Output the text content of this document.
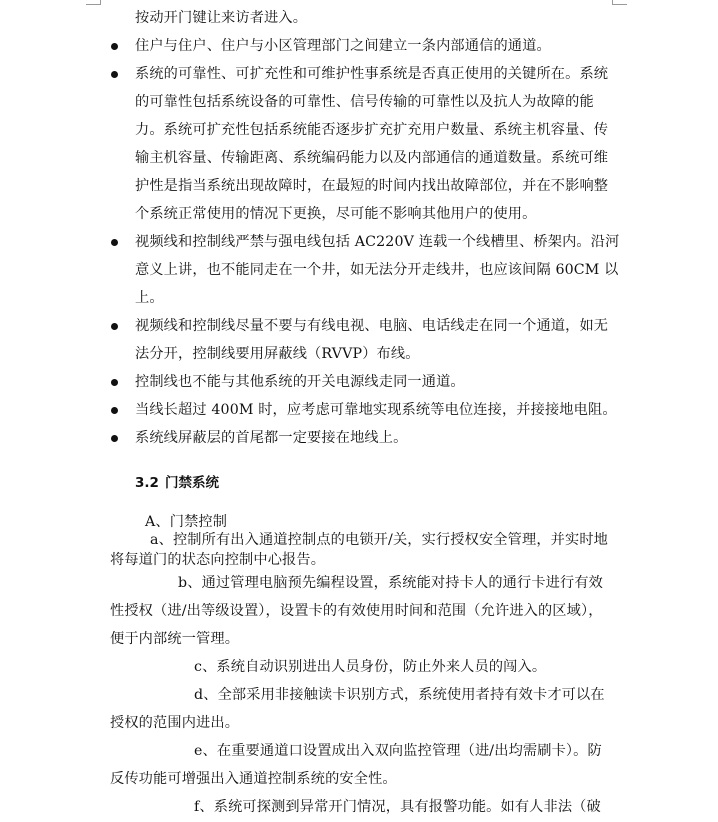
按动开门键让来访者进入。
住户与住户、住户与小区管理部门之间建立一条内部通信的通道。
系统的可靠性、可扩充性和可维护性事系统是否真正使用的关键所在。系统
的可靠性包括系统设备的可靠性、信号传输的可靠性以及抗人为故障的能
力。系统可扩充性包括系统能否逐步扩充扩充用户数量、系统主机容量、传
输主机容量、传输距离、系统编码能力以及内部通信的通道数量。系统可维
护性是指当系统出现故障时，在最短的时间内找出故障部位，并在不影响整
个系统正常使用的情况下更换，尽可能不影响其他用户的使用。
视频线和控制线严禁与强电线包括 AC220V 连载一个线槽里、桥架内。沿河
意义上讲，也不能同走在一个井，如无法分开走线井，也应该间隔 60CM 以
上。
视频线和控制线尽量不要与有线电视、电脑、电话线走在同一个通道，如无
法分开，控制线要用屏蔽线（RVVP）布线。
控制线也不能与其他系统的开关电源线走同一通道。
当线长超过 400M 时，应考虑可靠地实现系统等电位连接，并接接地电阻。
系统线屏蔽层的首尾都一定要接在地线上。
3.2 门禁系统
A、门禁控制
a、控制所有出入通道控制点的电锁开/关，实行授权安全管理，并实时地
将每道门的状态向控制中心报告。
b、通过管理电脑预先编程设置，系统能对持卡人的通行卡进行有效
性授权（进/出等级设置），设置卡的有效使用时间和范围（允许进入的区域），
便于内部统一管理。
c、系统自动识别进出人员身份，防止外来人员的闯入。
d、全部采用非接触读卡识别方式，系统使用者持有效卡才可以在
授权的范围内进出。
e、在重要通道口设置成出入双向监控管理（进/出均需刷卡）。防
反传功能可增强出入通道控制系统的安全性。
f、系统可探测到异常开门情况，具有报警功能。如有人非法（破
